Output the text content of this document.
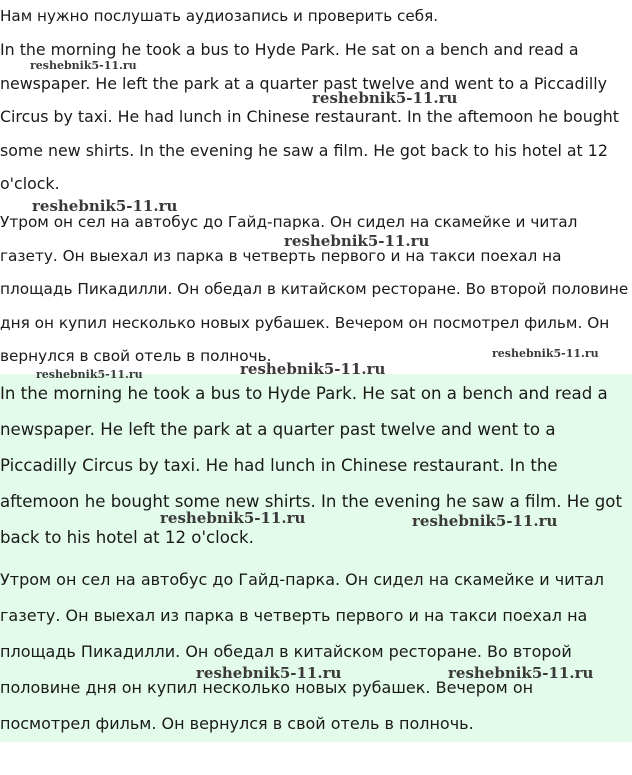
Нам нужно послушать аудиозапись и проверить себя.

In the morning he took a bus to Hyde Park. He sat on a bench and read a newspaper. He left the park at a quarter past twelve and went to a Piccadilly Circus by taxi. He had lunch in Chinese restaurant. In the aftemoon he bought some new shirts. In the evening he saw a film. He got back to his hotel at 12 o'clock.

Утром он сел на автобус до Гайд-парка. Он сидел на скамейке и читал газету. Он выехал из парка в четверть первого и на такси поехал на площадь Пикадилли. Он обедал в китайском ресторане. Во второй половине дня он купил несколько новых рубашек. Вечером он посмотрел фильм. Он вернулся в свой отель в полночь.

In the morning he took a bus to Hyde Park. He sat on a bench and read a newspaper. He left the park at a quarter past twelve and went to a Piccadilly Circus by taxi. He had lunch in Chinese restaurant. In the aftemoon he bought some new shirts. In the evening he saw a film. He got back to his hotel at 12 o'clock.

Утром он сел на автобус до Гайд-парка. Он сидел на скамейке и читал газету. Он выехал из парка в четверть первого и на такси поехал на площадь Пикадилли. Он обедал в китайском ресторане. Во второй половине дня он купил несколько новых рубашек. Вечером он посмотрел фильм. Он вернулся в свой отель в полночь.

reshebnik5-11.ru
reshebnik5-11.ru
reshebnik5-11.ru
reshebnik5-11.ru
reshebnik5-11.ru
reshebnik5-11.ru
reshebnik5-11.ru
reshebnik5-11.ru	reshebnik5-11.ru
reshebnik5-11.ru	reshebnik5-11.ru
